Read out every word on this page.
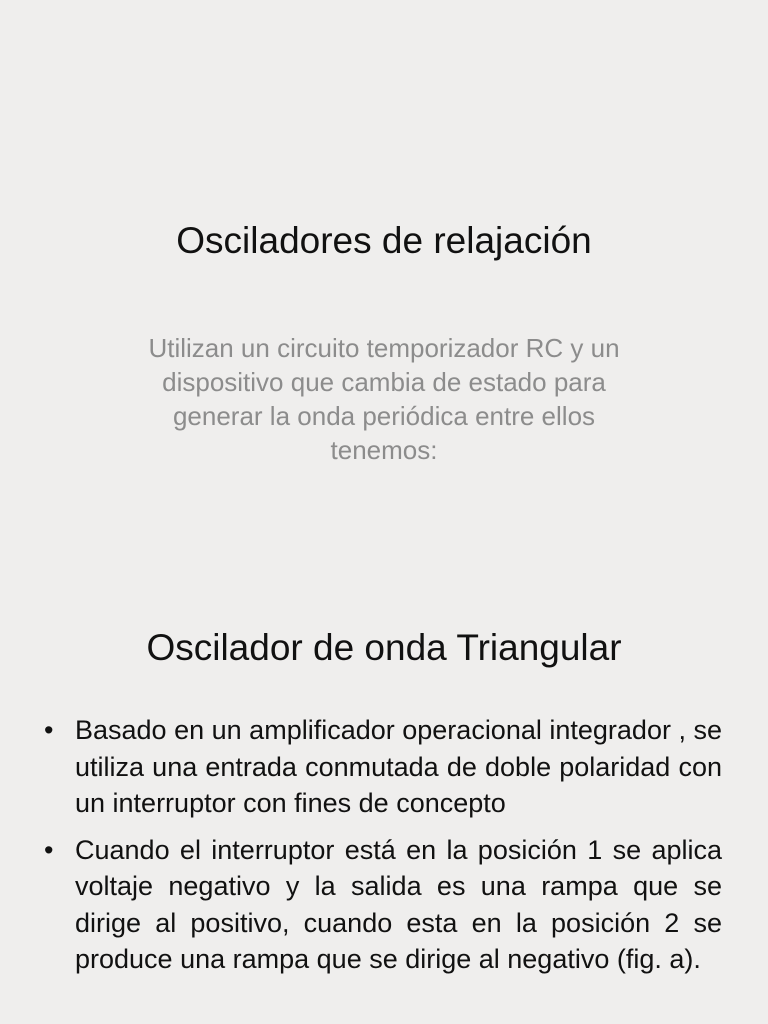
Osciladores de relajación

Utilizan un circuito temporizador RC y un dispositivo que cambia de estado para generar la onda periódica entre ellos tenemos:

Oscilador de onda Triangular
• Basado en un amplificador operacional integrador , se utiliza una entrada conmutada de doble polaridad con un interruptor con fines de concepto
• Cuando el interruptor está en la posición 1 se aplica voltaje negativo y la salida es una rampa que se dirige al positivo, cuando esta en la posición 2 se produce una rampa que se dirige al negativo (fig. a).
